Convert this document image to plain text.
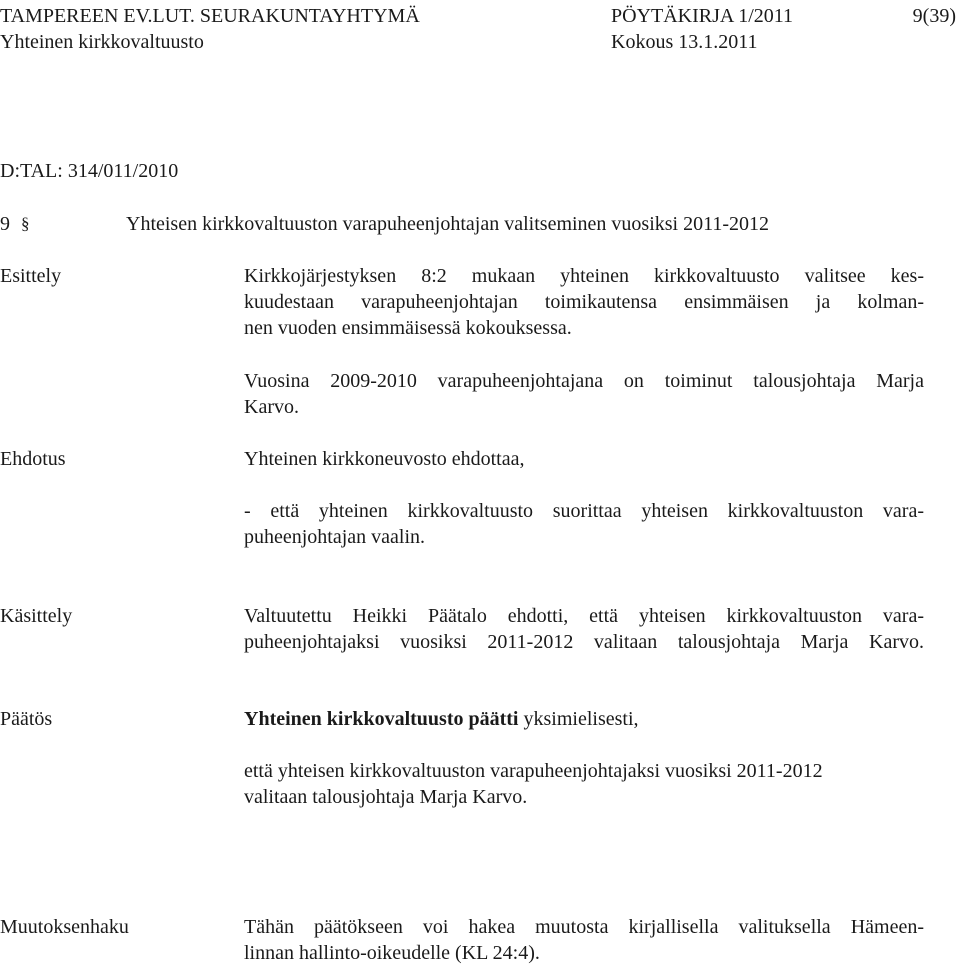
TAMPEREEN EV.LUT. SEURAKUNTAYHTYMÄ
Yhteinen kirkkovaltuusto
PÖYTÄKIRJA 1/2011
Kokous 13.1.2011
9(39)
D:TAL: 314/011/2010
9 §	Yhteisen kirkkovaltuuston varapuheenjohtajan valitseminen vuosiksi 2011-2012
Esittely	Kirkkojärjestyksen 8:2 mukaan yhteinen kirkkovaltuusto valitsee kes-
kuudestaan varapuheenjohtajan toimikautensa ensimmäisen ja kolman-
nen vuoden ensimmäisessä kokouksessa.
Vuosina 2009-2010 varapuheenjohtajana on toiminut talousjohtaja Marja
Karvo.
Ehdotus	Yhteinen kirkkoneuvosto ehdottaa,
- että yhteinen kirkkovaltuusto suorittaa yhteisen kirkkovaltuuston vara-
puheenjohtajan vaalin.
Käsittely	Valtuutettu Heikki Päätalo ehdotti, että yhteisen kirkkovaltuuston vara-
puheenjohtajaksi vuosiksi 2011-2012 valitaan talousjohtaja Marja Karvo.
Päätös	Yhteinen kirkkovaltuusto päätti yksimielisesti,
että yhteisen kirkkovaltuuston varapuheenjohtajaksi vuosiksi 2011-2012
valitaan talousjohtaja Marja Karvo.
Muutoksenhaku	Tähän päätökseen voi hakea muutosta kirjallisella valituksella Hämeen-
linnan hallinto-oikeudelle (KL 24:4).
